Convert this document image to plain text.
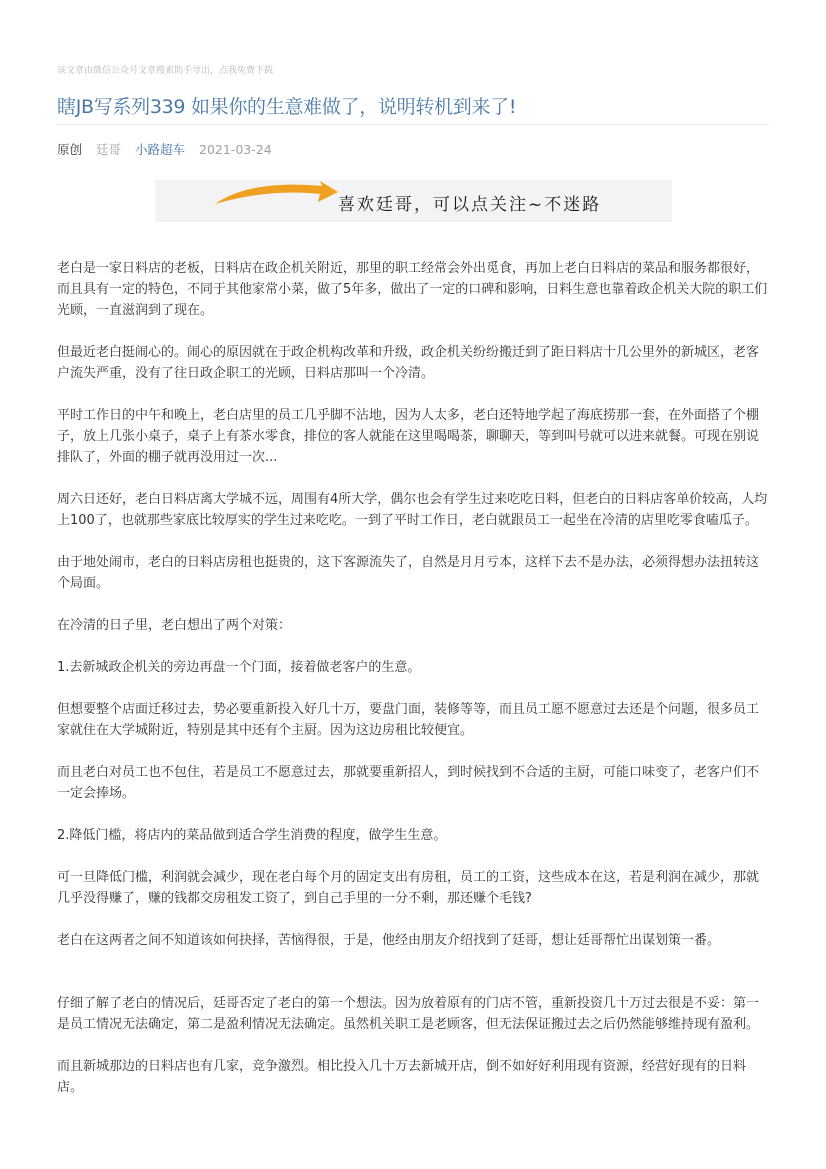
该文章由微信公众号文章搜索助手导出，点我免费下载
瞎JB写系列339 如果你的生意难做了，说明转机到来了!
原创 廷哥 小路超车 2021-03-24
喜欢廷哥，可以点关注~不迷路

老白是一家日料店的老板，日料店在政企机关附近，那里的职工经常会外出觅食，再加上老白日料店的菜品和服务都很好，而且具有一定的特色，不同于其他家常小菜，做了5年多，做出了一定的口碑和影响，日料生意也靠着政企机关大院的职工们光顾，一直滋润到了现在。

但最近老白挺闹心的。闹心的原因就在于政企机构改革和升级，政企机关纷纷搬迁到了距日料店十几公里外的新城区，老客户流失严重，没有了往日政企职工的光顾，日料店那叫一个冷清。

平时工作日的中午和晚上，老白店里的员工几乎脚不沾地，因为人太多，老白还特地学起了海底捞那一套，在外面搭了个棚子，放上几张小桌子，桌子上有茶水零食，排位的客人就能在这里喝喝茶，聊聊天，等到叫号就可以进来就餐。可现在别说排队了，外面的棚子就再没用过一次...

周六日还好，老白日料店离大学城不远，周围有4所大学，偶尔也会有学生过来吃吃日料，但老白的日料店客单价较高，人均上100了，也就那些家底比较厚实的学生过来吃吃。一到了平时工作日，老白就跟员工一起坐在冷清的店里吃零食嗑瓜子。

由于地处闹市，老白的日料店房租也挺贵的，这下客源流失了，自然是月月亏本，这样下去不是办法，必须得想办法扭转这个局面。

在冷清的日子里，老白想出了两个对策：

1.去新城政企机关的旁边再盘一个门面，接着做老客户的生意。

但想要整个店面迁移过去，势必要重新投入好几十万，要盘门面，装修等等，而且员工愿不愿意过去还是个问题，很多员工家就住在大学城附近，特别是其中还有个主厨。因为这边房租比较便宜。

而且老白对员工也不包住，若是员工不愿意过去，那就要重新招人，到时候找到不合适的主厨，可能口味变了，老客户们不一定会捧场。

2.降低门槛，将店内的菜品做到适合学生消费的程度，做学生生意。

可一旦降低门槛，利润就会减少，现在老白每个月的固定支出有房租，员工的工资，这些成本在这，若是利润在减少，那就几乎没得赚了，赚的钱都交房租发工资了，到自己手里的一分不剩，那还赚个毛钱?

老白在这两者之间不知道该如何抉择，苦恼得很，于是，他经由朋友介绍找到了廷哥，想让廷哥帮忙出谋划策一番。

仔细了解了老白的情况后，廷哥否定了老白的第一个想法。因为放着原有的门店不管，重新投资几十万过去很是不妥：第一是员工情况无法确定，第二是盈利情况无法确定。虽然机关职工是老顾客，但无法保证搬过去之后仍然能够维持现有盈利。

而且新城那边的日料店也有几家，竞争激烈。相比投入几十万去新城开店，倒不如好好利用现有资源，经营好现有的日料店。
